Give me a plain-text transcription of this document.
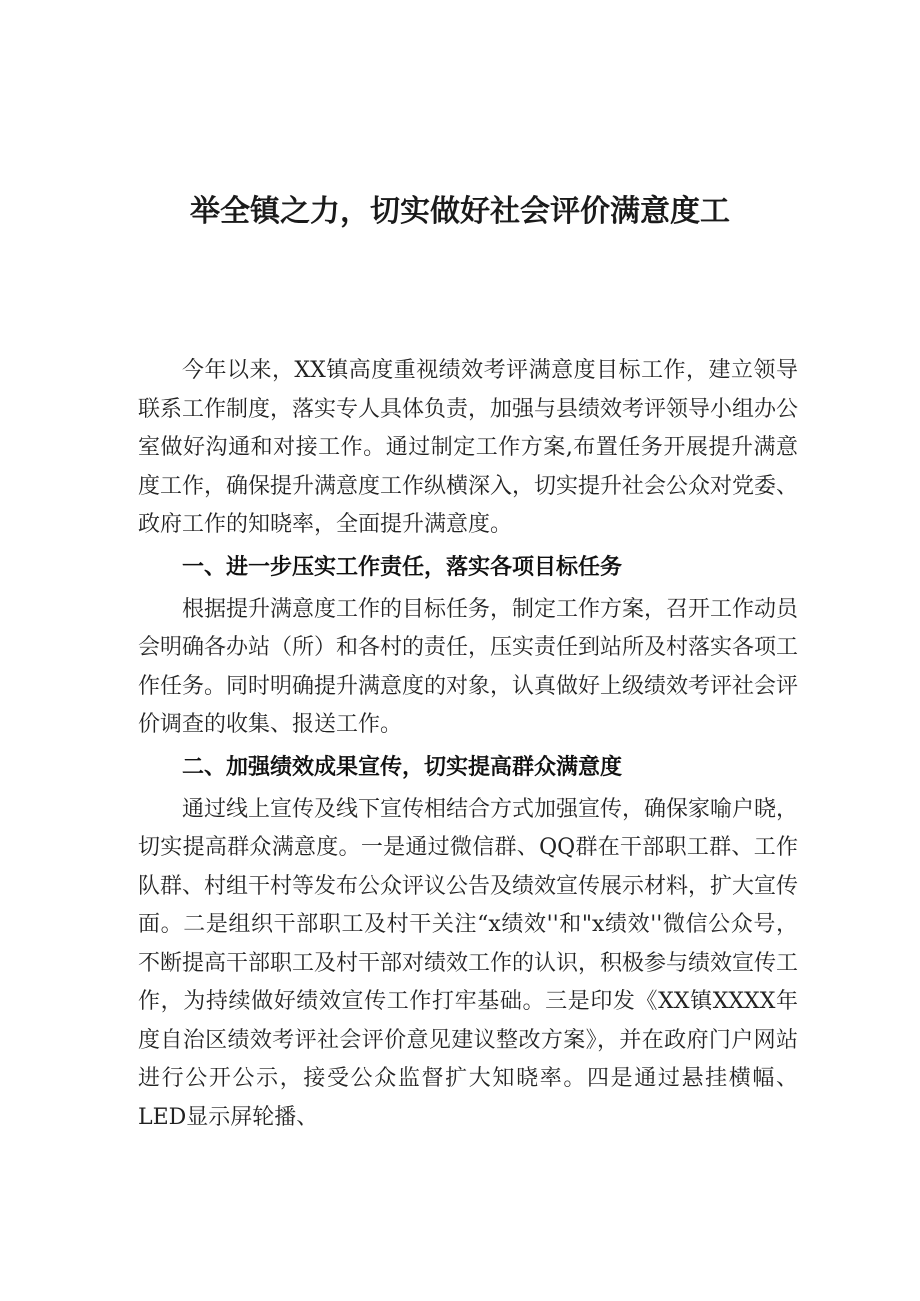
举全镇之力，切实做好社会评价满意度工

今年以来，XX镇高度重视绩效考评满意度目标工作，建立领导联系工作制度，落实专人具体负责，加强与县绩效考评领导小组办公室做好沟通和对接工作。通过制定工作方案,布置任务开展提升满意度工作，确保提升满意度工作纵横深入，切实提升社会公众对党委、政府工作的知晓率，全面提升满意度。

一、进一步压实工作责任，落实各项目标任务

根据提升满意度工作的目标任务，制定工作方案，召开工作动员会明确各办站（所）和各村的责任，压实责任到站所及村落实各项工作任务。同时明确提升满意度的对象，认真做好上级绩效考评社会评价调查的收集、报送工作。

二、加强绩效成果宣传，切实提高群众满意度

通过线上宣传及线下宣传相结合方式加强宣传，确保家喻户晓，切实提高群众满意度。一是通过微信群、QQ群在干部职工群、工作队群、村组干村等发布公众评议公告及绩效宣传展示材料，扩大宣传面。二是组织干部职工及村干关注“x绩效''和"x绩效''微信公众号，不断提高干部职工及村干部对绩效工作的认识，积极参与绩效宣传工作，为持续做好绩效宣传工作打牢基础。三是印发《XX镇XXXX年度自治区绩效考评社会评价意见建议整改方案》，并在政府门户网站进行公开公示，接受公众监督扩大知晓率。四是通过悬挂横幅、LED显示屏轮播、
